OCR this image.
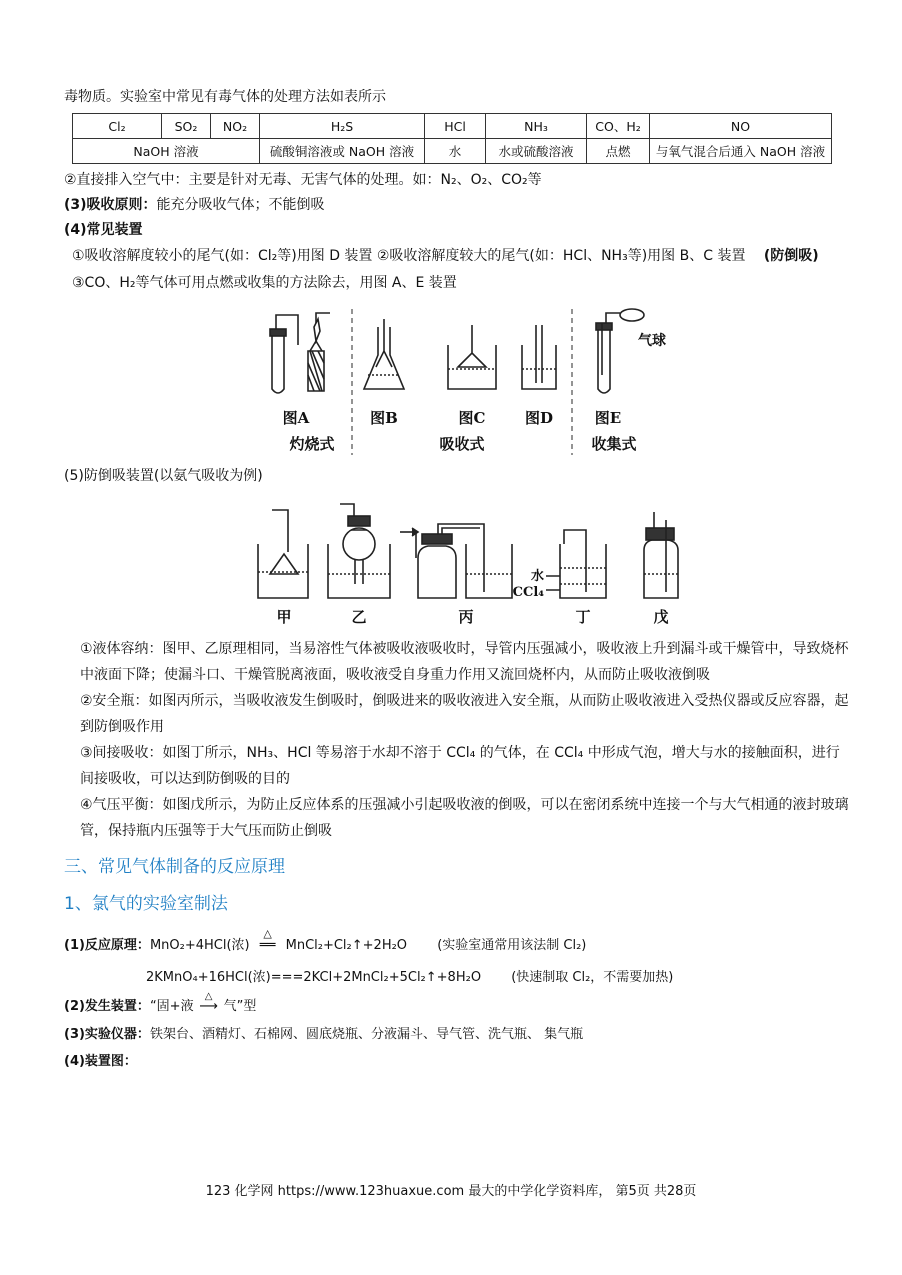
毒物质。实验室中常见有毒气体的处理方法如表所示
Cl₂	SO₂	NO₂	H₂S	HCl	NH₃	CO、H₂	NO
NaOH 溶液			硫酸铜溶液或 NaOH 溶液	水	水或硫酸溶液	点燃	与氧气混合后通入 NaOH 溶液
②直接排入空气中：主要是针对无毒、无害气体的处理。如：N₂、O₂、CO₂等
(3)吸收原则：能充分吸收气体；不能倒吸
(4)常见装置
①吸收溶解度较小的尾气(如：Cl₂等)用图 D 装置 ②吸收溶解度较大的尾气(如：HCl、NH₃等)用图 B、C 装置 (防倒吸)
③CO、H₂等气体可用点燃或收集的方法除去，用图 A、E 装置
图A	图B	图C	图D	图E
灼烧式	吸收式	收集式
气球
(5)防倒吸装置(以氨气吸收为例)
甲	乙	丙	丁	戊
水
CCl₄
①液体容纳：图甲、乙原理相同，当易溶性气体被吸收液吸收时，导管内压强减小，吸收液上升到漏斗或干燥管中，导致烧杯中液面下降；使漏斗口、干燥管脱离液面，吸收液受自身重力作用又流回烧杯内，从而防止吸收液倒吸
②安全瓶：如图丙所示，当吸收液发生倒吸时，倒吸进来的吸收液进入安全瓶，从而防止吸收液进入受热仪器或反应容器，起到防倒吸作用
③间接吸收：如图丁所示，NH₃、HCl 等易溶于水却不溶于 CCl₄ 的气体，在 CCl₄ 中形成气泡，增大与水的接触面积，进行间接吸收，可以达到防倒吸的目的
④气压平衡：如图戊所示，为防止反应体系的压强减小引起吸收液的倒吸，可以在密闭系统中连接一个与大气相通的液封玻璃管，保持瓶内压强等于大气压而防止倒吸
三、常见气体制备的反应原理
1、氯气的实验室制法
(1)反应原理：MnO₂+4HCl(浓)
△
══ MnCl₂+Cl₂↑+2H₂O (实验室通常用该法制 Cl₂)
2KMnO₄+16HCl(浓)===2KCl+2MnCl₂+5Cl₂↑+8H₂O (快速制取 Cl₂，不需要加热)
(2)发生装置：“固+液
△
⟶ 气”型
(3)实验仪器：铁架台、酒精灯、石棉网、圆底烧瓶、分液漏斗、导气管、洗气瓶、 集气瓶
(4)装置图：
123 化学网 https://www.123huaxue.com 最大的中学化学资料库， 第5页 共28页
